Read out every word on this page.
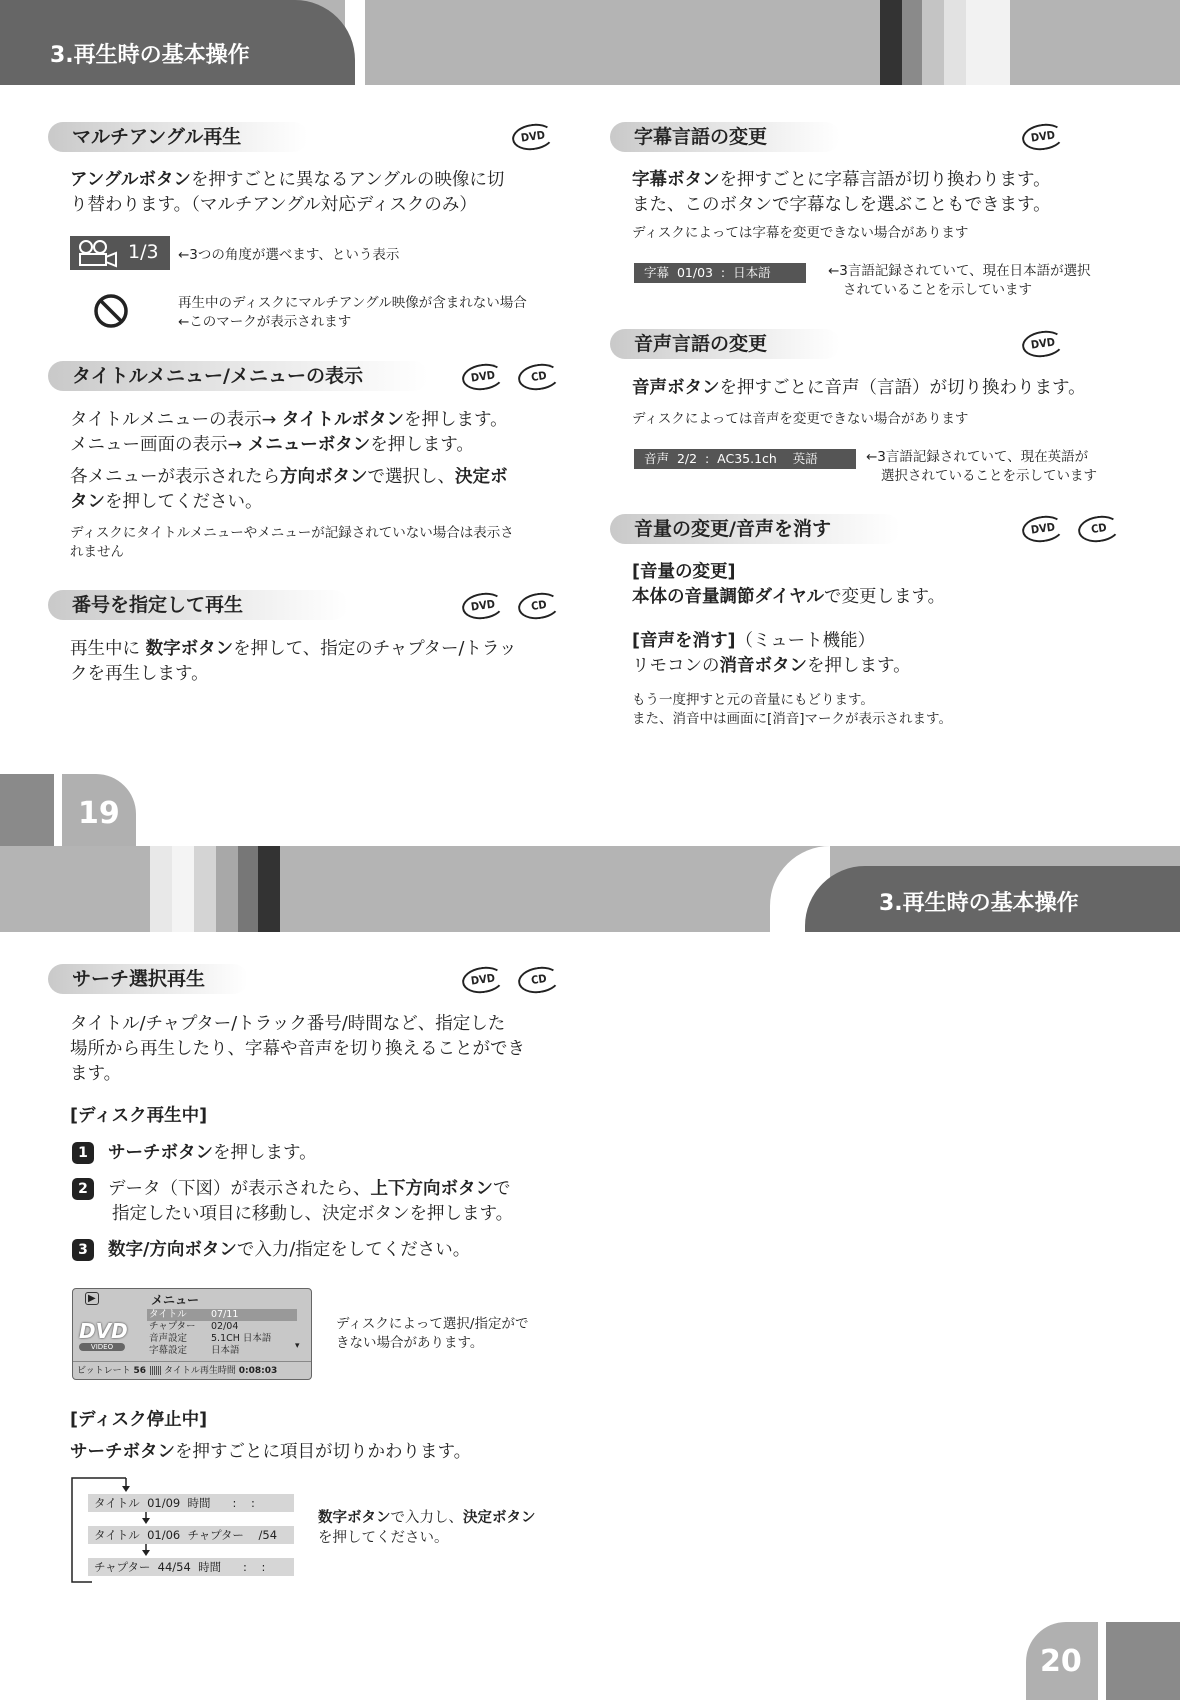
3.再生時の基本操作
マルチアングル再生	DVD
アングルボタンを押すごとに異なるアングルの映像に切
り替わります。（マルチアングル対応ディスクのみ）
1/3 ←3つの角度が選べます、という表示
再生中のディスクにマルチアングル映像が含まれない場合
←このマークが表示されます
タイトルメニュー/メニューの表示	DVD	CD
タイトルメニューの表示→ タイトルボタンを押します。
メニュー画面の表示→ メニューボタンを押します。
各メニューが表示されたら方向ボタンで選択し、決定ボ
タンを押してください。
ディスクにタイトルメニューやメニューが記録されていない場合は表示さ
れません
番号を指定して再生	DVD	CD
再生中に 数字ボタンを押して、指定のチャプター/トラッ
クを再生します。
字幕言語の変更	DVD
字幕ボタンを押すごとに字幕言語が切り換わります。
また、このボタンで字幕なしを選ぶこともできます。
ディスクによっては字幕を変更できない場合があります
字幕  01/03  :  日本語	←3言語記録されていて、現在日本語が選択
されていることを示しています
音声言語の変更	DVD
音声ボタンを押すごとに音声（言語）が切り換わります。
ディスクによっては音声を変更できない場合があります
音声  2/2  :  AC35.1ch    英語	←3言語記録されていて、現在英語が
選択されていることを示しています
音量の変更/音声を消す	DVD	CD
[音量の変更]
本体の音量調節ダイヤルで変更します。
[音声を消す]（ミュート機能）
リモコンの消音ボタンを押します。
もう一度押すと元の音量にもどります。
また、消音中は画面に[消音]マークが表示されます。
19
3.再生時の基本操作
サーチ選択再生	DVD	CD
タイトル/チャプター/トラック番号/時間など、指定した
場所から再生したり、字幕や音声を切り換えることができ
ます。
[ディスク再生中]
1 サーチボタンを押します。
2 データ（下図）が表示されたら、上下方向ボタンで
指定したい項目に移動し、決定ボタンを押します。
3 数字/方向ボタンで入力/指定をしてください。
▶	メニュー
DVD
VIDEO
タイトル	07/11
チャプター 02/04
音声設定	5.1CH 日本語
字幕設定	日本語	▾
ビットレート 56 |||||| タイトル再生時間 0:08:03
ディスクによって選択/指定がで
きない場合があります。
[ディスク停止中]
サーチボタンを押すごとに項目が切りかわります。
タイトル  01/09  時間      :    :
タイトル  01/06  チャプター    /54
チャプター  44/54  時間      :    :
数字ボタンで入力し、決定ボタン
を押してください。
20
